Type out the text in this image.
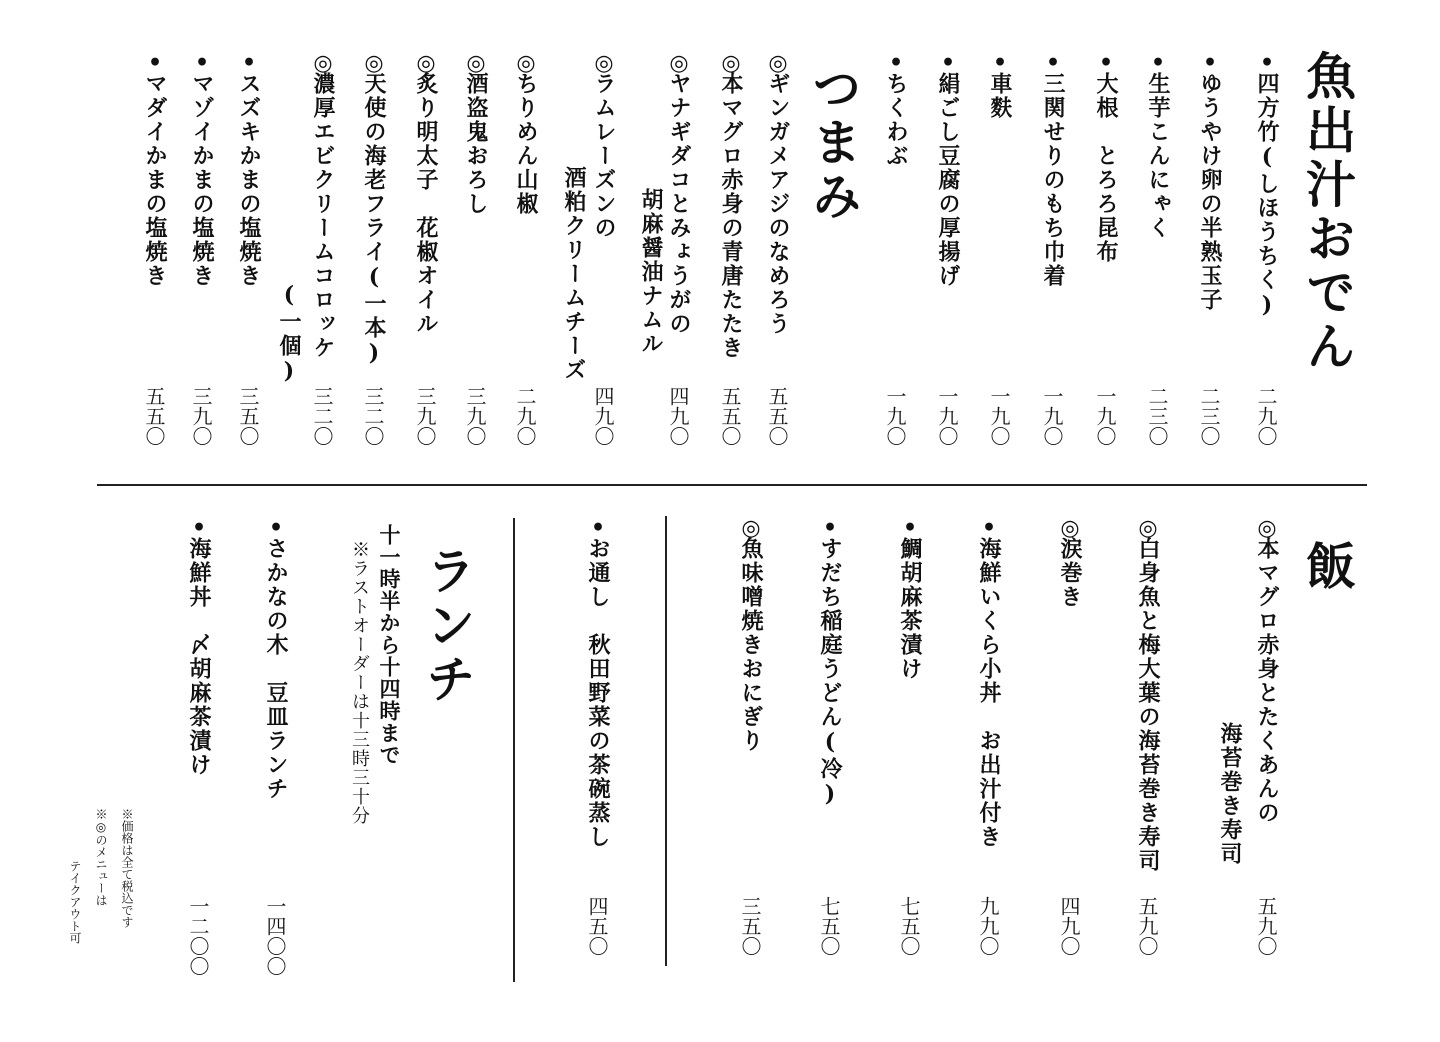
魚出汁おでん
•四方竹(しほうちく)
二九〇
•ゆうやけ卵の半熟玉子
二三〇
•生芋こんにゃく
二三〇
•大根　とろろ昆布
一九〇
•三関せりのもち巾着
一九〇
•車麩
一九〇
•絹ごし豆腐の厚揚げ
一九〇
•ちくわぶ
一九〇
つまみ
◎ギンガメアジのなめろう
五五〇
◎本マグロ赤身の青唐たたき
五五〇
◎ヤナギダコとみょうがの
胡麻醤油ナムル
四九〇
◎ラムレーズンの
酒粕クリームチーズ
四九〇
◎ちりめん山椒
二九〇
◎酒盗鬼おろし
三九〇
◎炙り明太子　花椒オイル
三九〇
◎天使の海老フライ(一本)
三二〇
◎濃厚エビクリームコロッケ
(一個)
三二〇
•スズキかまの塩焼き
三五〇
•マゾイかまの塩焼き
三九〇
•マダイかまの塩焼き
五五〇
飯
◎本マグロ赤身とたくあんの
海苔巻き寿司
五九〇
◎白身魚と梅大葉の海苔巻き寿司
五九〇
◎涙巻き
四九〇
•海鮮いくら小丼　お出汁付き
九九〇
•鯛胡麻茶漬け
七五〇
•すだち稲庭うどん(冷)
七五〇
◎魚味噌焼きおにぎり
三五〇
•お通し　秋田野菜の茶碗蒸し
四五〇
ランチ
十一時半から十四時まで
※ラストオーダーは十三時三十分
•さかなの木　豆皿ランチ
一四〇〇
•海鮮丼　〆胡麻茶漬け
一二〇〇
※価格は全て税込です
※◎のメニューは
テイクアウト可
